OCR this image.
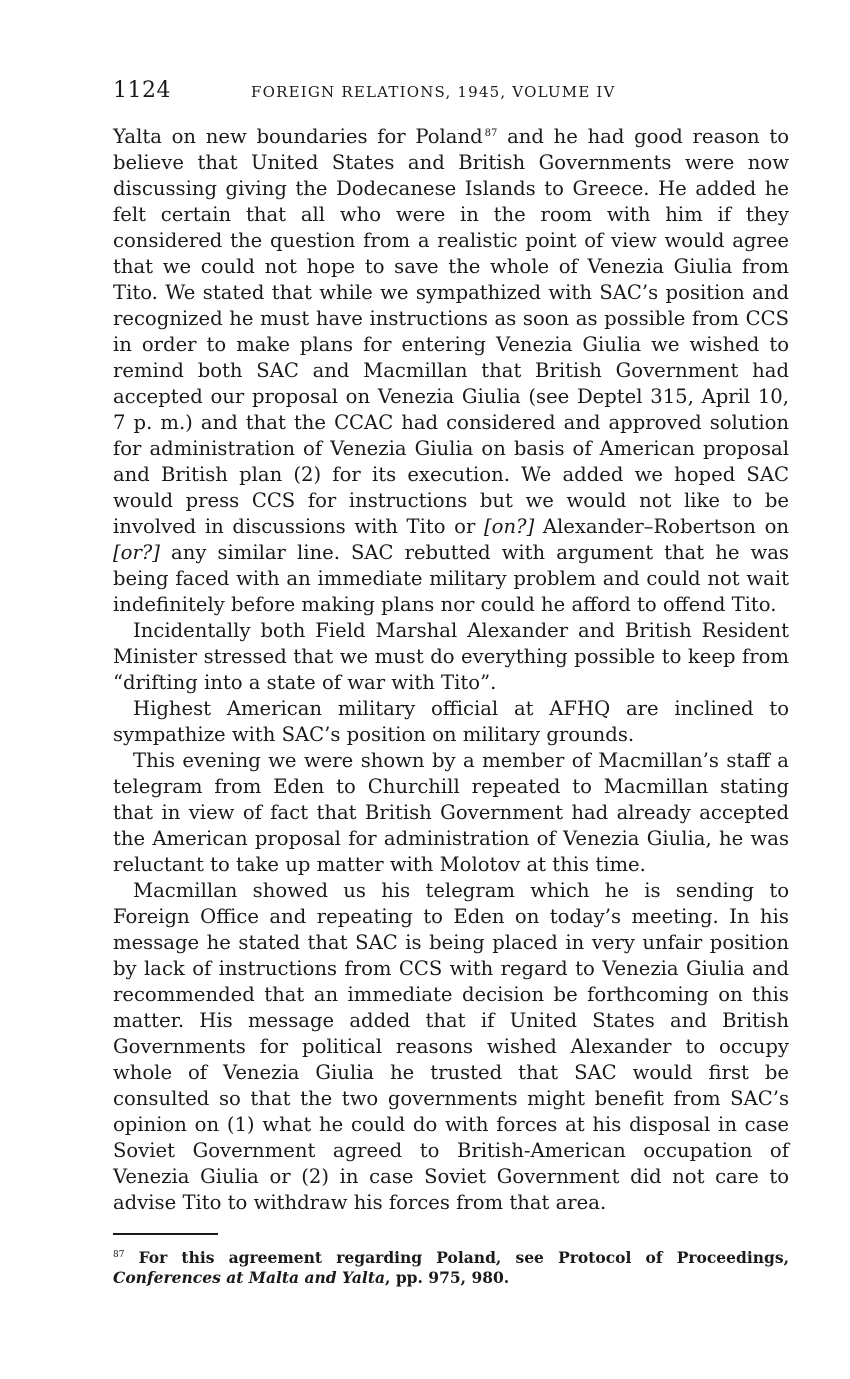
1124	FOREIGN RELATIONS, 1945, VOLUME IV

Yalta on new boundaries for Poland $^{87}$ and he had good reason to believe that United States and British Governments were now discussing giving the Dodecanese Islands to Greece. He added he felt certain that all who were in the room with him if they considered the question from a realistic point of view would agree that we could not hope to save the whole of Venezia Giulia from Tito. We stated that while we sympathized with SAC’s position and recognized he must have instructions as soon as possible from CCS in order to make plans for entering Venezia Giulia we wished to remind both SAC and Macmillan that British Government had accepted our proposal on Venezia Giulia (see Deptel 315, April 10, 7 p. m.) and that the CCAC had considered and approved solution for administration of Venezia Giulia on basis of American proposal and British plan (2) for its execution. We added we hoped SAC would press CCS for instructions but we would not like to be involved in discussions with Tito or [on?] Alexander–Robertson on [or?] any similar line. SAC rebutted with argument that he was being faced with an immediate military problem and could not wait indefinitely before making plans nor could he afford to offend Tito.

Incidentally both Field Marshal Alexander and British Resident Minister stressed that we must do everything possible to keep from “drifting into a state of war with Tito”.

Highest American military official at AFHQ are inclined to sympathize with SAC’s position on military grounds.

This evening we were shown by a member of Macmillan’s staff a telegram from Eden to Churchill repeated to Macmillan stating that in view of fact that British Government had already accepted the American proposal for administration of Venezia Giulia, he was reluctant to take up matter with Molotov at this time.

Macmillan showed us his telegram which he is sending to Foreign Office and repeating to Eden on today’s meeting. In his message he stated that SAC is being placed in very unfair position by lack of instructions from CCS with regard to Venezia Giulia and recommended that an immediate decision be forthcoming on this matter. His message added that if United States and British Governments for political reasons wished Alexander to occupy whole of Venezia Giulia he trusted that SAC would first be consulted so that the two governments might benefit from SAC’s opinion on (1) what he could do with forces at his disposal in case Soviet Government agreed to British-American occupation of Venezia Giulia or (2) in case Soviet Government did not care to advise Tito to withdraw his forces from that area.

$^{87}$ For this agreement regarding Poland, see Protocol of Proceedings, Conferences at Malta and Yalta, pp. 975, 980.
